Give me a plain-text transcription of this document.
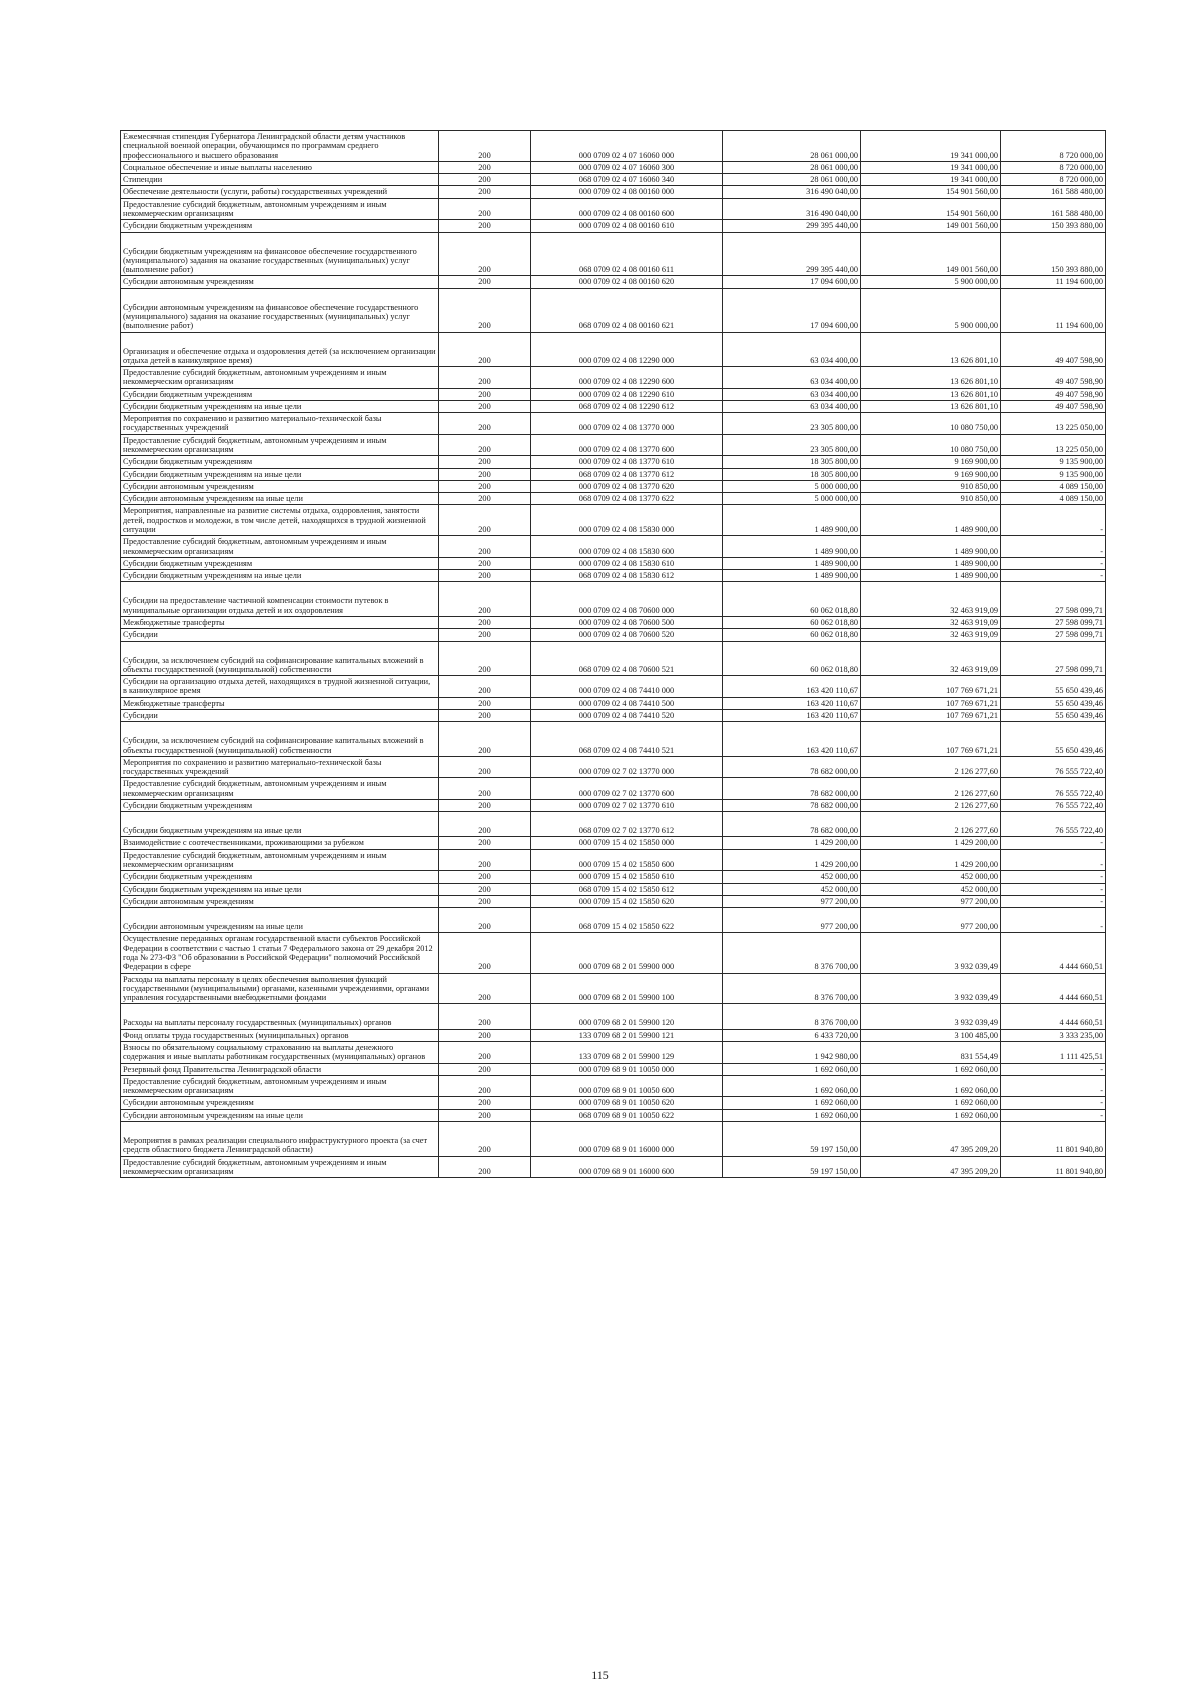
Ежемесячная стипендия Губернатора Ленинградской области детям участников специальной военной операции, обучающимся по программам среднего профессионального и высшего образования	200	000 0709 02 4 07 16060 000	28 061 000,00	19 341 000,00	8 720 000,00
Социальное обеспечение и иные выплаты населению	200	000 0709 02 4 07 16060 300	28 061 000,00	19 341 000,00	8 720 000,00
Стипендии	200	068 0709 02 4 07 16060 340	28 061 000,00	19 341 000,00	8 720 000,00
Обеспечение деятельности (услуги, работы) государственных учреждений	200	000 0709 02 4 08 00160 000	316 490 040,00	154 901 560,00	161 588 480,00
Предоставление субсидий бюджетным, автономным учреждениям и иным некоммерческим организациям	200	000 0709 02 4 08 00160 600	316 490 040,00	154 901 560,00	161 588 480,00
Субсидии бюджетным учреждениям	200	000 0709 02 4 08 00160 610	299 395 440,00	149 001 560,00	150 393 880,00
Субсидии бюджетным учреждениям на финансовое обеспечение государственного (муниципального) задания на оказание государственных (муниципальных) услуг (выполнение работ)	200	068 0709 02 4 08 00160 611	299 395 440,00	149 001 560,00	150 393 880,00
Субсидии автономным учреждениям	200	000 0709 02 4 08 00160 620	17 094 600,00	5 900 000,00	11 194 600,00
Субсидии автономным учреждениям на финансовое обеспечение государственного (муниципального) задания на оказание государственных (муниципальных) услуг (выполнение работ)	200	068 0709 02 4 08 00160 621	17 094 600,00	5 900 000,00	11 194 600,00
Организация и обеспечение отдыха и оздоровления детей (за исключением организации отдыха детей в каникулярное время)	200	000 0709 02 4 08 12290 000	63 034 400,00	13 626 801,10	49 407 598,90
Предоставление субсидий бюджетным, автономным учреждениям и иным некоммерческим организациям	200	000 0709 02 4 08 12290 600	63 034 400,00	13 626 801,10	49 407 598,90
Субсидии бюджетным учреждениям	200	000 0709 02 4 08 12290 610	63 034 400,00	13 626 801,10	49 407 598,90
Субсидии бюджетным учреждениям на иные цели	200	068 0709 02 4 08 12290 612	63 034 400,00	13 626 801,10	49 407 598,90
Мероприятия по сохранению и развитию материально-технической базы государственных учреждений	200	000 0709 02 4 08 13770 000	23 305 800,00	10 080 750,00	13 225 050,00
Предоставление субсидий бюджетным, автономным учреждениям и иным некоммерческим организациям	200	000 0709 02 4 08 13770 600	23 305 800,00	10 080 750,00	13 225 050,00
Субсидии бюджетным учреждениям	200	000 0709 02 4 08 13770 610	18 305 800,00	9 169 900,00	9 135 900,00
Субсидии бюджетным учреждениям на иные цели	200	068 0709 02 4 08 13770 612	18 305 800,00	9 169 900,00	9 135 900,00
Субсидии автономным учреждениям	200	000 0709 02 4 08 13770 620	5 000 000,00	910 850,00	4 089 150,00
Субсидии автономным учреждениям на иные цели	200	068 0709 02 4 08 13770 622	5 000 000,00	910 850,00	4 089 150,00
Мероприятия, направленные на развитие системы отдыха, оздоровления, занятости детей, подростков и молодежи, в том числе детей, находящихся в трудной жизненной ситуации	200	000 0709 02 4 08 15830 000	1 489 900,00	1 489 900,00	-
Предоставление субсидий бюджетным, автономным учреждениям и иным некоммерческим организациям	200	000 0709 02 4 08 15830 600	1 489 900,00	1 489 900,00	-
Субсидии бюджетным учреждениям	200	000 0709 02 4 08 15830 610	1 489 900,00	1 489 900,00	-
Субсидии бюджетным учреждениям на иные цели	200	068 0709 02 4 08 15830 612	1 489 900,00	1 489 900,00	-
Субсидии на предоставление частичной компенсации стоимости путевок в муниципальные организации отдыха детей и их оздоровления	200	000 0709 02 4 08 70600 000	60 062 018,80	32 463 919,09	27 598 099,71
Межбюджетные трансферты	200	000 0709 02 4 08 70600 500	60 062 018,80	32 463 919,09	27 598 099,71
Субсидии	200	000 0709 02 4 08 70600 520	60 062 018,80	32 463 919,09	27 598 099,71
Субсидии, за исключением субсидий на софинансирование капитальных вложений в объекты государственной (муниципальной) собственности	200	068 0709 02 4 08 70600 521	60 062 018,80	32 463 919,09	27 598 099,71
Субсидии на организацию отдыха детей, находящихся в трудной жизненной ситуации, в каникулярное время	200	000 0709 02 4 08 74410 000	163 420 110,67	107 769 671,21	55 650 439,46
Межбюджетные трансферты	200	000 0709 02 4 08 74410 500	163 420 110,67	107 769 671,21	55 650 439,46
Субсидии	200	000 0709 02 4 08 74410 520	163 420 110,67	107 769 671,21	55 650 439,46
Субсидии, за исключением субсидий на софинансирование капитальных вложений в объекты государственной (муниципальной) собственности	200	068 0709 02 4 08 74410 521	163 420 110,67	107 769 671,21	55 650 439,46
Мероприятия по сохранению и развитию материально-технической базы государственных учреждений	200	000 0709 02 7 02 13770 000	78 682 000,00	2 126 277,60	76 555 722,40
Предоставление субсидий бюджетным, автономным учреждениям и иным некоммерческим организациям	200	000 0709 02 7 02 13770 600	78 682 000,00	2 126 277,60	76 555 722,40
Субсидии бюджетным учреждениям	200	000 0709 02 7 02 13770 610	78 682 000,00	2 126 277,60	76 555 722,40
Субсидии бюджетным учреждениям на иные цели	200	068 0709 02 7 02 13770 612	78 682 000,00	2 126 277,60	76 555 722,40
Взаимодействие с соотечественниками, проживающими за рубежом	200	000 0709 15 4 02 15850 000	1 429 200,00	1 429 200,00	-
Предоставление субсидий бюджетным, автономным учреждениям и иным некоммерческим организациям	200	000 0709 15 4 02 15850 600	1 429 200,00	1 429 200,00	-
Субсидии бюджетным учреждениям	200	000 0709 15 4 02 15850 610	452 000,00	452 000,00	-
Субсидии бюджетным учреждениям на иные цели	200	068 0709 15 4 02 15850 612	452 000,00	452 000,00	-
Субсидии автономным учреждениям	200	000 0709 15 4 02 15850 620	977 200,00	977 200,00	-
Субсидии автономным учреждениям на иные цели	200	068 0709 15 4 02 15850 622	977 200,00	977 200,00	-
Осуществление переданных органам государственной власти субъектов Российской Федерации в соответствии с частью 1 статьи 7 Федерального закона от 29 декабря 2012 года № 273-ФЗ "Об образовании в Российской Федерации" полномочий Российской Федерации в сфере	200	000 0709 68 2 01 59900 000	8 376 700,00	3 932 039,49	4 444 660,51
Расходы на выплаты персоналу в целях обеспечения выполнения функций государственными (муниципальными) органами, казенными учреждениями, органами управления государственными внебюджетными фондами	200	000 0709 68 2 01 59900 100	8 376 700,00	3 932 039,49	4 444 660,51
Расходы на выплаты персоналу государственных (муниципальных) органов	200	000 0709 68 2 01 59900 120	8 376 700,00	3 932 039,49	4 444 660,51
Фонд оплаты труда государственных (муниципальных) органов	200	133 0709 68 2 01 59900 121	6 433 720,00	3 100 485,00	3 333 235,00
Взносы по обязательному социальному страхованию на выплаты денежного содержания и иные выплаты работникам государственных (муниципальных) органов	200	133 0709 68 2 01 59900 129	1 942 980,00	831 554,49	1 111 425,51
Резервный фонд Правительства Ленинградской области	200	000 0709 68 9 01 10050 000	1 692 060,00	1 692 060,00	-
Предоставление субсидий бюджетным, автономным учреждениям и иным некоммерческим организациям	200	000 0709 68 9 01 10050 600	1 692 060,00	1 692 060,00	-
Субсидии автономным учреждениям	200	000 0709 68 9 01 10050 620	1 692 060,00	1 692 060,00	-
Субсидии автономным учреждениям на иные цели	200	068 0709 68 9 01 10050 622	1 692 060,00	1 692 060,00	-
Мероприятия в рамках реализации специального инфраструктурного проекта (за счет средств областного бюджета Ленинградской области)	200	000 0709 68 9 01 16000 000	59 197 150,00	47 395 209,20	11 801 940,80
Предоставление субсидий бюджетным, автономным учреждениям и иным некоммерческим организациям	200	000 0709 68 9 01 16000 600	59 197 150,00	47 395 209,20	11 801 940,80
115
